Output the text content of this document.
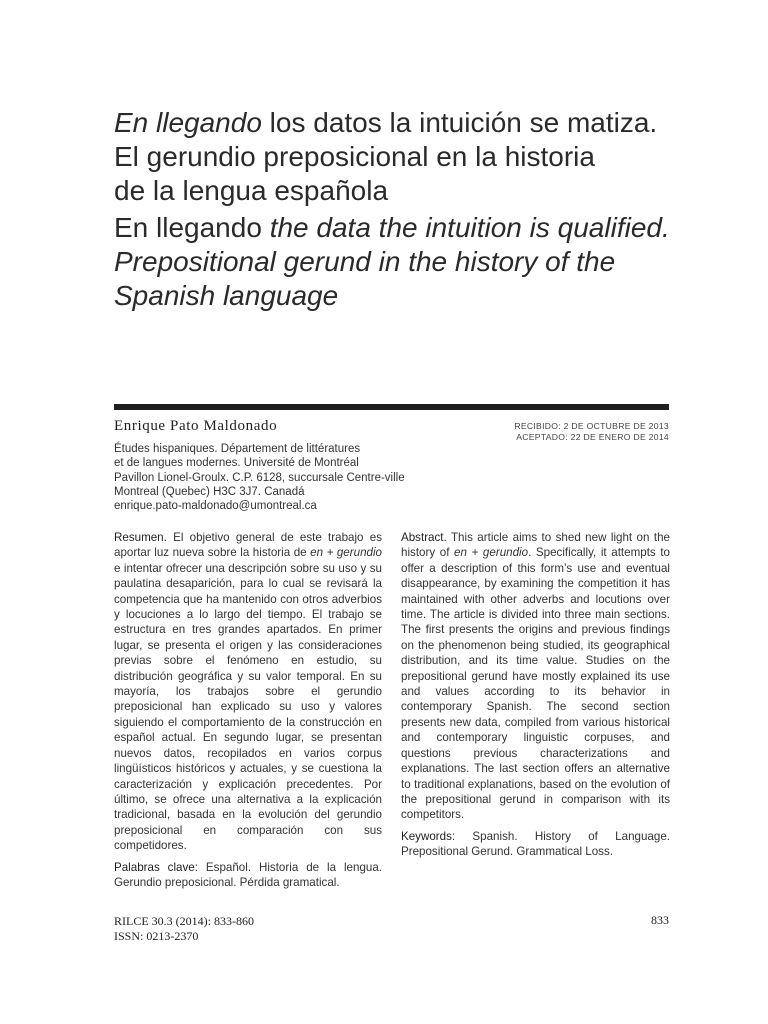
En llegando los datos la intuición se matiza.
El gerundio preposicional en la historia
de la lengua española
En llegando the data the intuition is qualified.
Prepositional gerund in the history of the
Spanish language
Enrique Pato Maldonado
Études hispaniques. Département de littératures
et de langues modernes. Université de Montréal
Pavillon Lionel-Groulx. C.P. 6128, succursale Centre-ville
Montreal (Quebec) H3C 3J7. Canadá
enrique.pato-maldonado@umontreal.ca
RECIBIDO: 2 DE OCTUBRE DE 2013
ACEPTADO: 22 DE ENERO DE 2014

Resumen. El objetivo general de este trabajo es aportar luz nueva sobre la historia de en + gerundio e intentar ofrecer una descripción sobre su uso y su paulatina desaparición, para lo cual se revisará la competencia que ha mantenido con otros adverbios y locuciones a lo largo del tiempo. El trabajo se estructura en tres grandes apartados. En primer lugar, se presenta el origen y las consideraciones previas sobre el fenómeno en estudio, su distribución geográfica y su valor temporal. En su mayoría, los trabajos sobre el gerundio preposicional han explicado su uso y valores siguiendo el comportamiento de la construcción en español actual. En segundo lugar, se presentan nuevos datos, recopilados en varios corpus lingüísticos históricos y actuales, y se cuestiona la caracterización y explicación precedentes. Por último, se ofrece una alternativa a la explicación tradicional, basada en la evolución del gerundio preposicional en comparación con sus competidores.

Palabras clave: Español. Historia de la lengua. Gerundio preposicional. Pérdida gramatical.

Abstract. This article aims to shed new light on the history of en + gerundio. Specifically, it attempts to offer a description of this form’s use and eventual disappearance, by examining the competition it has maintained with other adverbs and locutions over time. The article is divided into three main sections. The first presents the origins and previous findings on the phenomenon being studied, its geographical distribution, and its time value. Studies on the prepositional gerund have mostly explained its use and values according to its behavior in contemporary Spanish. The second section presents new data, compiled from various historical and contemporary linguistic corpuses, and questions previous characterizations and explanations. The last section offers an alternative to traditional explanations, based on the evolution of the prepositional gerund in comparison with its competitors.

Keywords: Spanish. History of Language. Prepositional Gerund. Grammatical Loss.

RILCE 30.3 (2014): 833-860
ISSN: 0213-2370
833
